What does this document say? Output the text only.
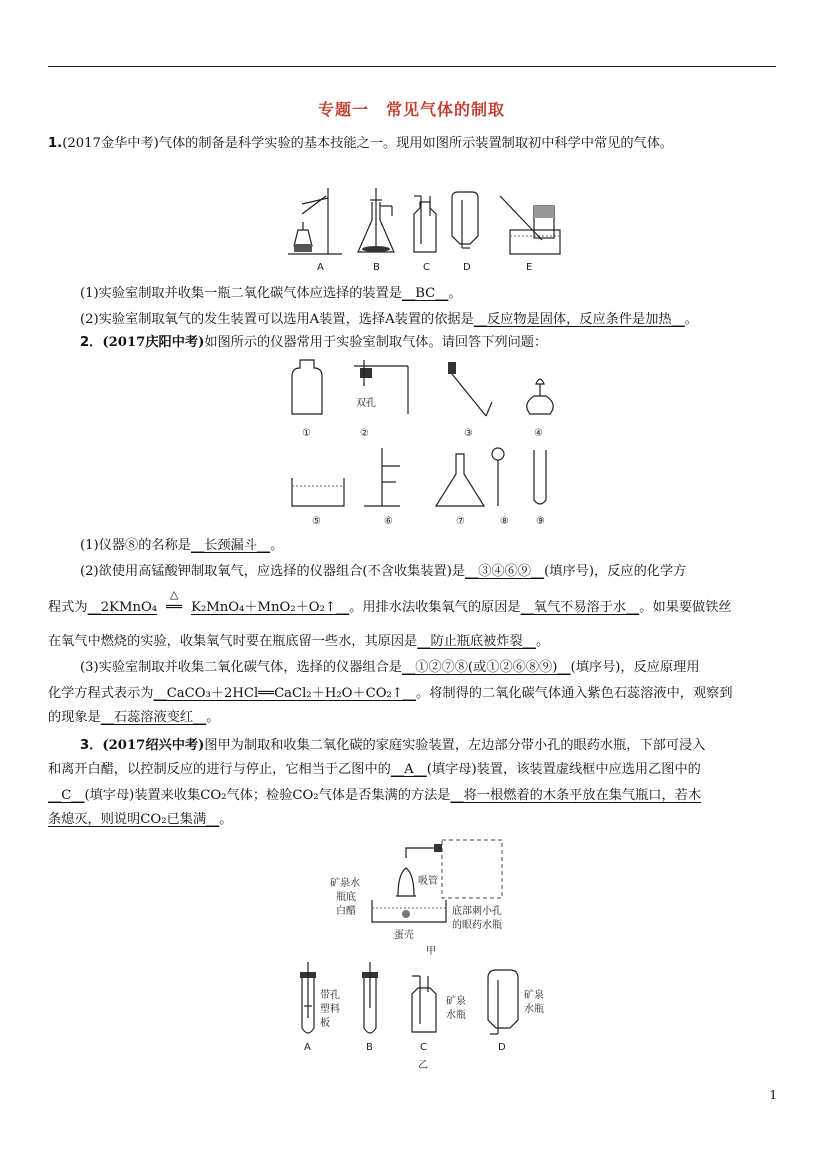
专题一　常见气体的制取
1.(2017金华中考)气体的制备是科学实验的基本技能之一。现用如图所示装置制取初中科学中常见的气体。
A	B	C	D	E
(1)实验室制取并收集一瓶二氧化碳气体应选择的装置是__BC__。
(2)实验室制取氧气的发生装置可以选用A装置，选择A装置的依据是__反应物是固体，反应条件是加热__。
2．(2017庆阳中考)如图所示的仪器常用于实验室制取气体。请回答下列问题：
①	②	③	④
双孔
⑤	⑥	⑦	⑧	⑨
(1)仪器⑧的名称是__长颈漏斗__。
(2)欲使用高锰酸钾制取氧气，应选择的仪器组合(不含收集装置)是__③④⑥⑨__(填序号)，反应的化学方
程式为__2KMnO₄
△
══ K₂MnO₄＋MnO₂＋O₂↑__。用排水法收集氧气的原因是__氧气不易溶于水__。如果要做铁丝
在氧气中燃烧的实验，收集氧气时要在瓶底留一些水，其原因是__防止瓶底被炸裂__。
(3)实验室制取并收集二氧化碳气体，选择的仪器组合是__①②⑦⑧(或①②⑥⑧⑨)__(填序号)，反应原理用
化学方程式表示为__CaCO₃＋2HCl══CaCl₂＋H₂O＋CO₂↑__。将制得的二氧化碳气体通入紫色石蕊溶液中，观察到
的现象是__石蕊溶液变红__。
3．(2017绍兴中考)图甲为制取和收集二氧化碳的家庭实验装置，左边部分带小孔的眼药水瓶，下部可浸入
和离开白醋，以控制反应的进行与停止，它相当于乙图中的__A__(填字母)装置，该装置虚线框中应选用乙图中的
__C__(填字母)装置来收集CO₂气体；检验CO₂气体是否集满的方法是__将一根燃着的木条平放在集气瓶口，若木
条熄灭，则说明CO₂已集满__。
矿泉水
瓶底
白醋
吸管
底部刺小孔
的眼药水瓶
蛋壳
甲
带孔
塑料
板
矿泉
水瓶
矿泉
水瓶
A	B	C	D
乙
1
